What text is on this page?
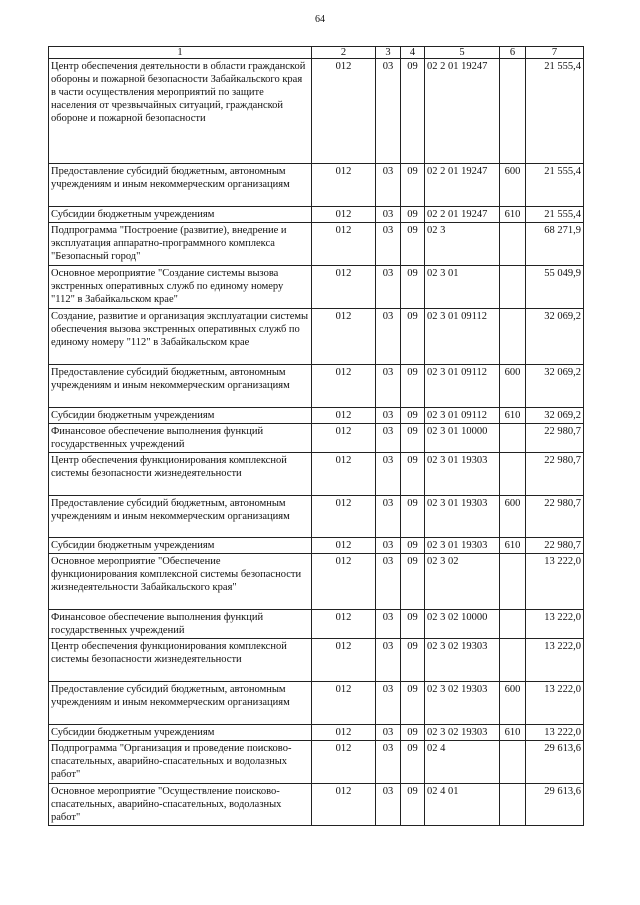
64
1	2	3	4	5	6	7
Центр обеспечения деятельности в области гражданской обороны и пожарной безопасности Забайкальского края в части осуществления мероприятий по защите населения от чрезвычайных ситуаций, гражданской обороне и пожарной безопасности	012	03	09	02 2 01 19247		21 555,4
Предоставление субсидий бюджетным, автономным учреждениям и иным некоммерческим организациям	012	03	09	02 2 01 19247	600	21 555,4
Субсидии бюджетным учреждениям	012	03	09	02 2 01 19247	610	21 555,4
Подпрограмма "Построение (развитие), внедрение и эксплуатация аппаратно-программного комплекса "Безопасный город"	012	03	09	02 3		68 271,9
Основное мероприятие "Создание системы вызова экстренных оперативных служб по единому номеру "112" в Забайкальском крае"	012	03	09	02 3 01		55 049,9
Создание, развитие и организация эксплуатации системы обеспечения вызова экстренных оперативных служб по единому номеру "112" в Забайкальском крае	012	03	09	02 3 01 09112		32 069,2
Предоставление субсидий бюджетным, автономным учреждениям и иным некоммерческим организациям	012	03	09	02 3 01 09112	600	32 069,2
Субсидии бюджетным учреждениям	012	03	09	02 3 01 09112	610	32 069,2
Финансовое обеспечение выполнения функций государственных учреждений	012	03	09	02 3 01 10000		22 980,7
Центр обеспечения функционирования комплексной системы безопасности жизнедеятельности	012	03	09	02 3 01 19303		22 980,7
Предоставление субсидий бюджетным, автономным учреждениям и иным некоммерческим организациям	012	03	09	02 3 01 19303	600	22 980,7
Субсидии бюджетным учреждениям	012	03	09	02 3 01 19303	610	22 980,7
Основное мероприятие "Обеспечение функционирования комплексной системы безопасности жизнедеятельности Забайкальского края"	012	03	09	02 3 02		13 222,0
Финансовое обеспечение выполнения функций государственных учреждений	012	03	09	02 3 02 10000		13 222,0
Центр обеспечения функционирования комплексной системы безопасности жизнедеятельности	012	03	09	02 3 02 19303		13 222,0
Предоставление субсидий бюджетным, автономным учреждениям и иным некоммерческим организациям	012	03	09	02 3 02 19303	600	13 222,0
Субсидии бюджетным учреждениям	012	03	09	02 3 02 19303	610	13 222,0
Подпрограмма "Организация и проведение поисково-спасательных, аварийно-спасательных и водолазных работ"	012	03	09	02 4		29 613,6
Основное мероприятие "Осуществление поисково-спасательных, аварийно-спасательных, водолазных работ"	012	03	09	02 4 01		29 613,6
